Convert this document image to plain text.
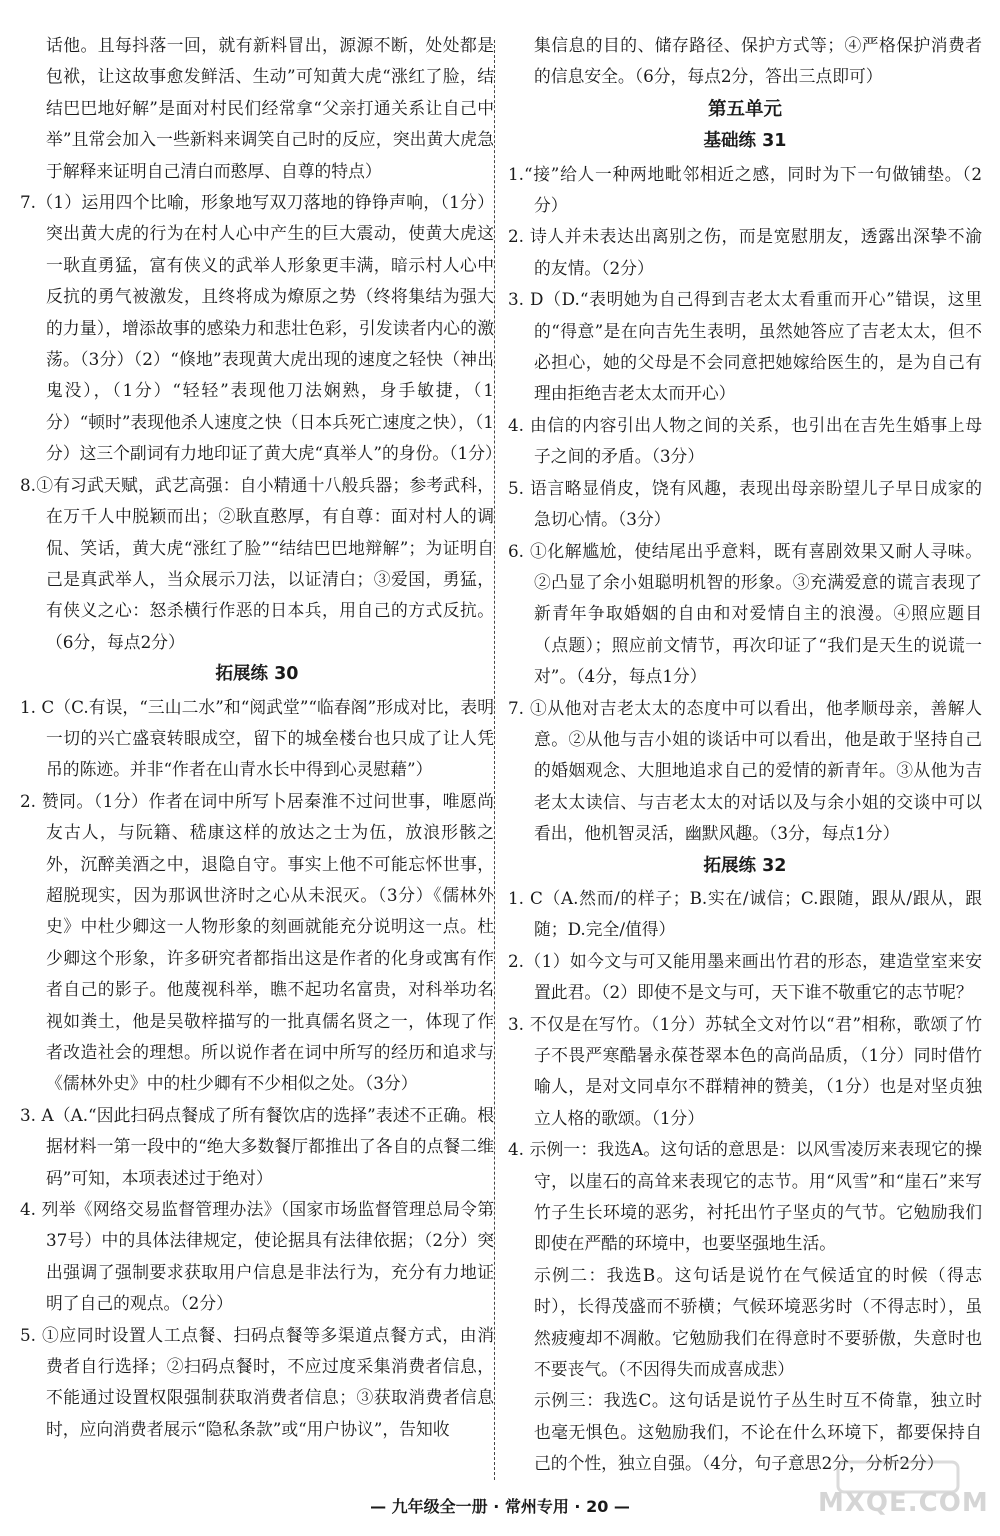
话他。且每抖落一回，就有新料冒出，源源不断，处处都是包袱，让这故事愈发鲜活、生动”可知黄大虎“涨红了脸，结结巴巴地好解”是面对村民们经常拿“父亲打通关系让自己中举”且常会加入一些新料来调笑自己时的反应，突出黄大虎急于解释来证明自己清白而憨厚、自尊的特点）

7.（1）运用四个比喻，形象地写双刀落地的铮铮声响，（1分）突出黄大虎的行为在村人心中产生的巨大震动，使黄大虎这一耿直勇猛，富有侠义的武举人形象更丰满，暗示村人心中反抗的勇气被激发，且终将成为燎原之势（终将集结为强大的力量），增添故事的感染力和悲壮色彩，引发读者内心的激荡。（3分）（2）“倏地”表现黄大虎出现的速度之轻快（神出鬼没），（1分）“轻轻”表现他刀法娴熟，身手敏捷，（1分）“顿时”表现他杀人速度之快（日本兵死亡速度之快），（1分）这三个副词有力地印证了黄大虎“真举人”的身份。（1分）

8.①有习武天赋，武艺高强：自小精通十八般兵器；参考武科，在万千人中脱颖而出；②耿直憨厚，有自尊：面对村人的调侃、笑话，黄大虎“涨红了脸”“结结巴巴地辩解”；为证明自己是真武举人，当众展示刀法，以证清白；③爱国，勇猛，有侠义之心：怒杀横行作恶的日本兵，用自己的方式反抗。（6分，每点2分）

拓展练 30

1. C（C.有误，“三山二水”和“阅武堂”“临春阁”形成对比，表明一切的兴亡盛衰转眼成空，留下的城垒楼台也只成了让人凭吊的陈迹。并非“作者在山青水长中得到心灵慰藉”）

2. 赞同。（1分）作者在词中所写卜居秦淮不过问世事，唯愿尚友古人，与阮籍、嵇康这样的放达之士为伍，放浪形骸之外，沉醉美酒之中，退隐自守。事实上他不可能忘怀世事，超脱现实，因为那讽世济时之心从未泯灭。（3分）《儒林外史》中杜少卿这一人物形象的刻画就能充分说明这一点。杜少卿这个形象，许多研究者都指出这是作者的化身或寓有作者自己的影子。他蔑视科举，瞧不起功名富贵，对科举功名视如粪土，他是吴敬梓描写的一批真儒名贤之一，体现了作者改造社会的理想。所以说作者在词中所写的经历和追求与《儒林外史》中的杜少卿有不少相似之处。（3分）

3. A（A.“因此扫码点餐成了所有餐饮店的选择”表述不正确。根据材料一第一段中的“绝大多数餐厅都推出了各自的点餐二维码”可知，本项表述过于绝对）

4. 列举《网络交易监督管理办法》（国家市场监督管理总局令第37号）中的具体法律规定，使论据具有法律依据；（2分）突出强调了强制要求获取用户信息是非法行为，充分有力地证明了自己的观点。（2分）

5. ①应同时设置人工点餐、扫码点餐等多渠道点餐方式，由消费者自行选择；②扫码点餐时，不应过度采集消费者信息，不能通过设置权限强制获取消费者信息；③获取消费者信息时，应向消费者展示“隐私条款”或“用户协议”，告知收

集信息的目的、储存路径、保护方式等；④严格保护消费者的信息安全。（6分，每点2分，答出三点即可）

第五单元
基础练 31

1.“接”给人一种两地毗邻相近之感，同时为下一句做铺垫。（2分）

2. 诗人并未表达出离别之伤，而是宽慰朋友，透露出深挚不渝的友情。（2分）

3. D（D.“表明她为自己得到吉老太太看重而开心”错误，这里的“得意”是在向吉先生表明，虽然她答应了吉老太太，但不必担心，她的父母是不会同意把她嫁给医生的，是为自己有理由拒绝吉老太太而开心）

4. 由信的内容引出人物之间的关系，也引出在吉先生婚事上母子之间的矛盾。（3分）

5. 语言略显俏皮，饶有风趣，表现出母亲盼望儿子早日成家的急切心情。（3分）

6. ①化解尴尬，使结尾出乎意料，既有喜剧效果又耐人寻味。②凸显了余小姐聪明机智的形象。③充满爱意的谎言表现了新青年争取婚姻的自由和对爱情自主的浪漫。④照应题目（点题）；照应前文情节，再次印证了“我们是天生的说谎一对”。（4分，每点1分）

7. ①从他对吉老太太的态度中可以看出，他孝顺母亲，善解人意。②从他与吉小姐的谈话中可以看出，他是敢于坚持自己的婚姻观念、大胆地追求自己的爱情的新青年。③从他为吉老太太读信、与吉老太太的对话以及与余小姐的交谈中可以看出，他机智灵活，幽默风趣。（3分，每点1分）

拓展练 32

1. C（A.然而/的样子；B.实在/诚信；C.跟随，跟从/跟从，跟随；D.完全/值得）

2.（1）如今文与可又能用墨来画出竹君的形态，建造堂室来安置此君。（2）即使不是文与可，天下谁不敬重它的志节呢？

3. 不仅是在写竹。（1分）苏轼全文对竹以“君”相称，歌颂了竹子不畏严寒酷暑永葆苍翠本色的高尚品质，（1分）同时借竹喻人，是对文同卓尔不群精神的赞美，（1分）也是对坚贞独立人格的歌颂。（1分）

4. 示例一：我选A。这句话的意思是：以风雪凌厉来表现它的操守，以崖石的高耸来表现它的志节。用“风雪”和“崖石”来写竹子生长环境的恶劣，衬托出竹子坚贞的气节。它勉励我们即使在严酷的环境中，也要坚强地生活。

示例二：我选B。这句话是说竹在气候适宜的时候（得志时），长得茂盛而不骄横；气候环境恶劣时（不得志时），虽然疲瘦却不凋敝。它勉励我们在得意时不要骄傲，失意时也不要丧气。（不因得失而成喜成悲）

示例三：我选C。这句话是说竹子丛生时互不倚靠，独立时也毫无惧色。这勉励我们，不论在什么环境下，都要保持自己的个性，独立自强。（4分，句子意思2分，分析2分）

— 九年级全一册 · 常州专用 · 20 —	MXQE.COM
